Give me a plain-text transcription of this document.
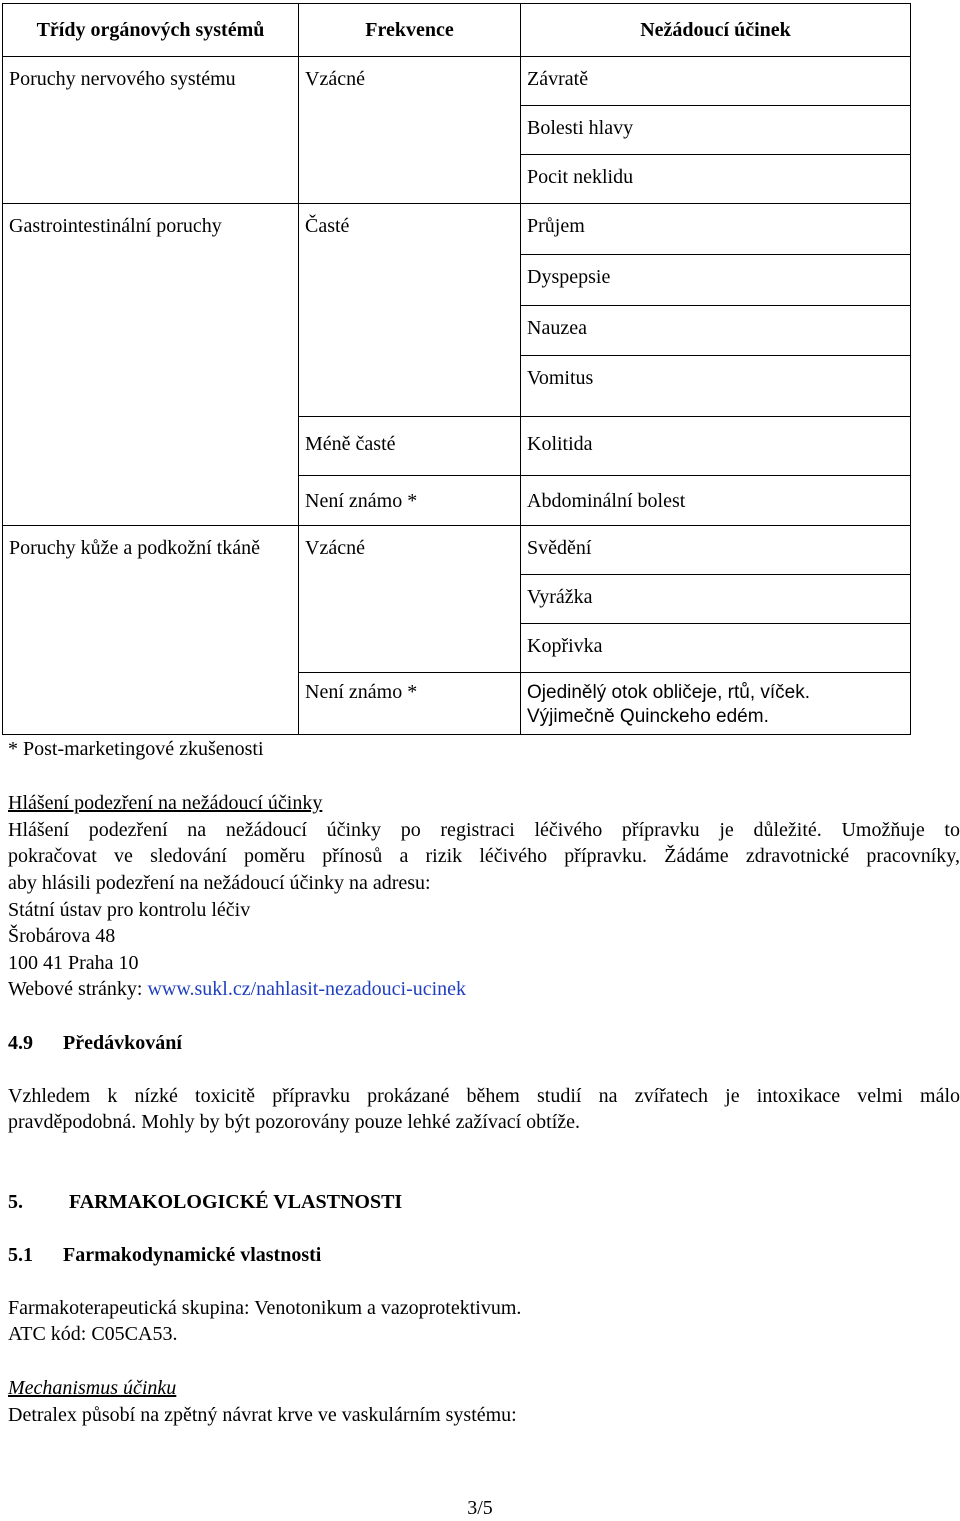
Třídy orgánových systémů	Frekvence	Nežádoucí účinek
Poruchy nervového systému	Vzácné	Závratě
		Bolesti hlavy
		Pocit neklidu
Gastrointestinální poruchy	Časté	Průjem
		Dyspepsie
		Nauzea
		Vomitus
	Méně časté	Kolitida
	Není známo *	Abdominální bolest
Poruchy kůže a podkožní tkáně	Vzácné	Svědění
		Vyrážka
		Kopřivka
	Není známo *	Ojedinělý otok obličeje, rtů, víček.
Výjimečně Quinckeho edém.
* Post-marketingové zkušenosti
Hlášení podezření na nežádoucí účinky
Hlášení podezření na nežádoucí účinky po registraci léčivého přípravku je důležité. Umožňuje to
pokračovat ve sledování poměru přínosů a rizik léčivého přípravku. Žádáme zdravotnické pracovníky,
aby hlásili podezření na nežádoucí účinky na adresu:
Státní ústav pro kontrolu léčiv
Šrobárova 48
100 41 Praha 10
Webové stránky: www.sukl.cz/nahlasit-nezadouci-ucinek
4.9 Předávkování
Vzhledem k nízké toxicitě přípravku prokázané během studií na zvířatech je intoxikace velmi málo
pravděpodobná. Mohly by být pozorovány pouze lehké zažívací obtíže.
5. FARMAKOLOGICKÉ VLASTNOSTI
5.1 Farmakodynamické vlastnosti
Farmakoterapeutická skupina: Venotonikum a vazoprotektivum.
ATC kód: C05CA53.
Mechanismus účinku
Detralex působí na zpětný návrat krve ve vaskulárním systému:
3/5
